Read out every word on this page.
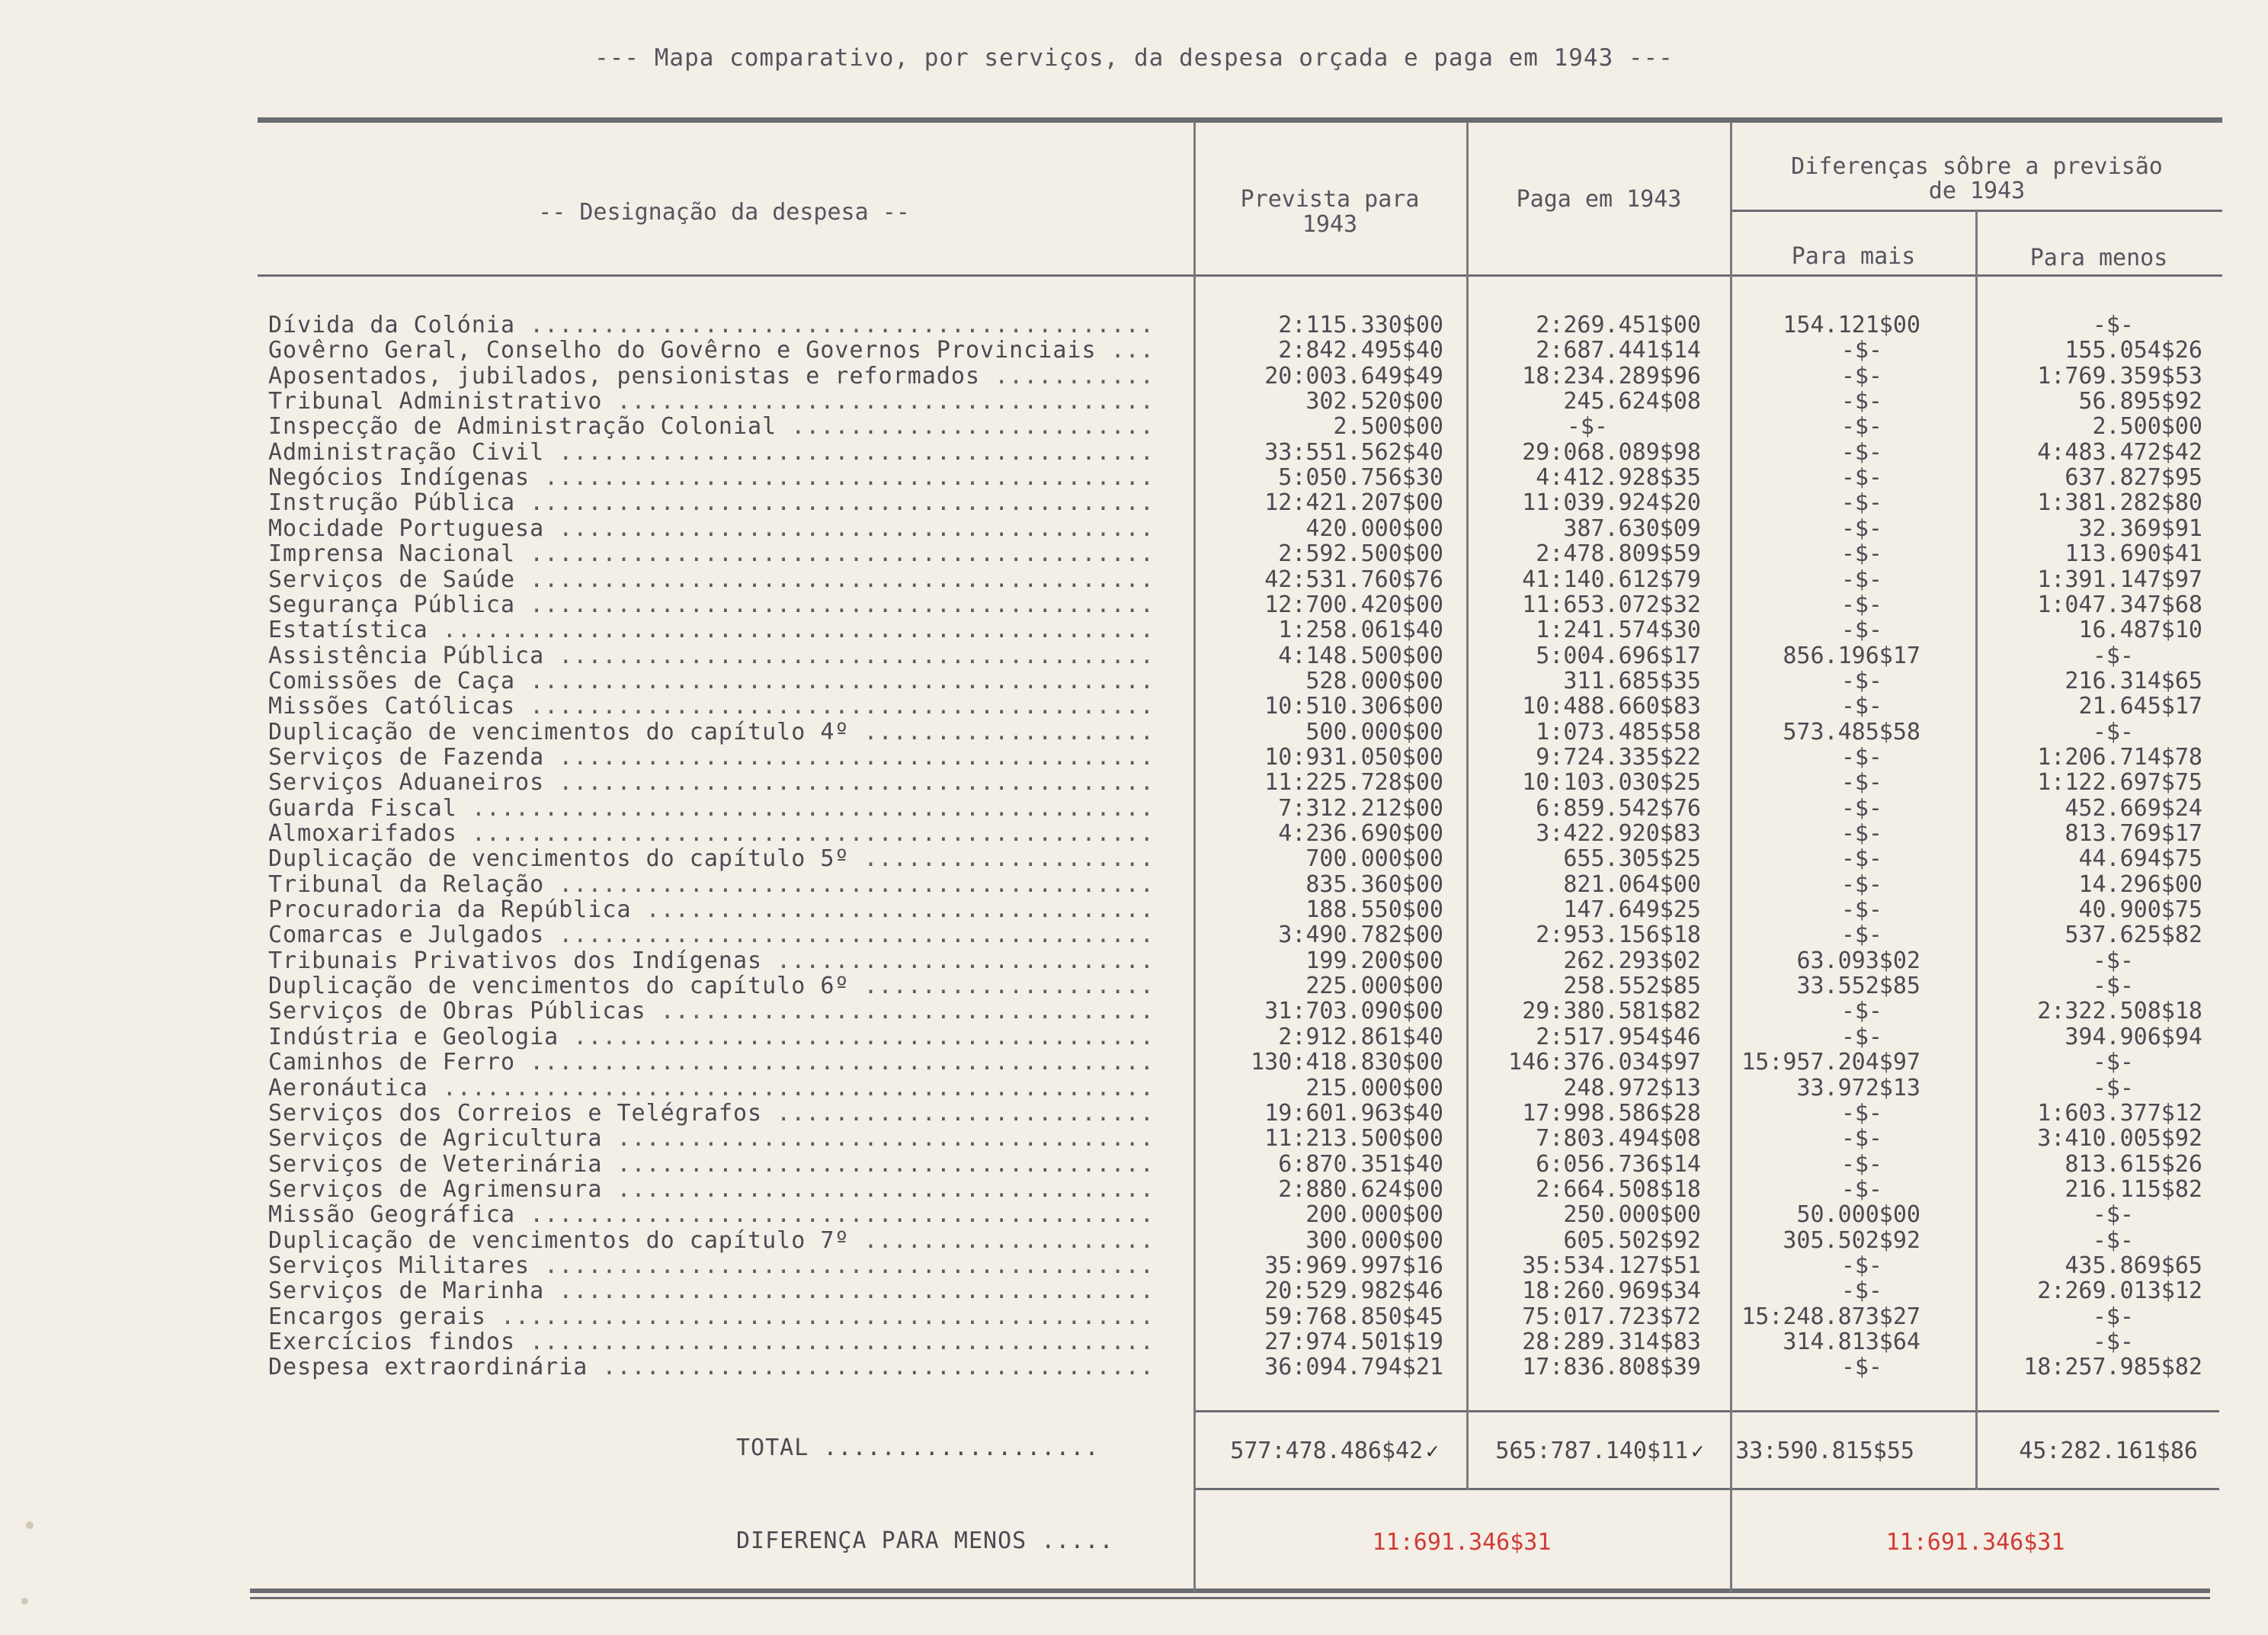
--- Mapa comparativo, por serviços, da despesa orçada e paga em 1943 ---
-- Designação da despesa --	Prevista para
1943
Paga em 1943
Diferenças sôbre a previsão
de 1943
Para mais	Para menos
Dívida da Colónia ...........................................	2:115.330$00	2:269.451$00	154.121$00	-$-
Govêrno Geral, Conselho do Govêrno e Governos Provinciais ...	2:842.495$40	2:687.441$14	-$-	155.054$26
Aposentados, jubilados, pensionistas e reformados ...........	20:003.649$49	18:234.289$96	-$-	1:769.359$53
Tribunal Administrativo .....................................	302.520$00	245.624$08	-$-	56.895$92
Inspecção de Administração Colonial .........................	2.500$00	-$-	-$-	2.500$00
Administração Civil .........................................	33:551.562$40	29:068.089$98	-$-	4:483.472$42
Negócios Indígenas ..........................................	5:050.756$30	4:412.928$35	-$-	637.827$95
Instrução Pública ...........................................	12:421.207$00	11:039.924$20	-$-	1:381.282$80
Mocidade Portuguesa .........................................	420.000$00	387.630$09	-$-	32.369$91
Imprensa Nacional ...........................................	2:592.500$00	2:478.809$59	-$-	113.690$41
Serviços de Saúde ...........................................	42:531.760$76	41:140.612$79	-$-	1:391.147$97
Segurança Pública ...........................................	12:700.420$00	11:653.072$32	-$-	1:047.347$68
Estatística .................................................	1:258.061$40	1:241.574$30	-$-	16.487$10
Assistência Pública .........................................	4:148.500$00	5:004.696$17	856.196$17	-$-
Comissões de Caça ...........................................	528.000$00	311.685$35	-$-	216.314$65
Missões Católicas ...........................................	10:510.306$00	10:488.660$83	-$-	21.645$17
Duplicação de vencimentos do capítulo 4º ....................	500.000$00	1:073.485$58	573.485$58	-$-
Serviços de Fazenda .........................................	10:931.050$00	9:724.335$22	-$-	1:206.714$78
Serviços Aduaneiros .........................................	11:225.728$00	10:103.030$25	-$-	1:122.697$75
Guarda Fiscal ...............................................	7:312.212$00	6:859.542$76	-$-	452.669$24
Almoxarifados ...............................................	4:236.690$00	3:422.920$83	-$-	813.769$17
Duplicação de vencimentos do capítulo 5º ....................	700.000$00	655.305$25	-$-	44.694$75
Tribunal da Relação .........................................	835.360$00	821.064$00	-$-	14.296$00
Procuradoria da República ...................................	188.550$00	147.649$25	-$-	40.900$75
Comarcas e Julgados .........................................	3:490.782$00	2:953.156$18	-$-	537.625$82
Tribunais Privativos dos Indígenas ..........................	199.200$00	262.293$02	63.093$02	-$-
Duplicação de vencimentos do capítulo 6º ....................	225.000$00	258.552$85	33.552$85	-$-
Serviços de Obras Públicas ..................................	31:703.090$00	29:380.581$82	-$-	2:322.508$18
Indústria e Geologia ........................................	2:912.861$40	2:517.954$46	-$-	394.906$94
Caminhos de Ferro ...........................................	130:418.830$00	146:376.034$97 15:957.204$97	-$-
Aeronáutica .................................................	215.000$00	248.972$13	33.972$13	-$-
Serviços dos Correios e Telégrafos ..........................	19:601.963$40	17:998.586$28	-$-	1:603.377$12
Serviços de Agricultura .....................................	11:213.500$00	7:803.494$08	-$-	3:410.005$92
Serviços de Veterinária .....................................	6:870.351$40	6:056.736$14	-$-	813.615$26
Serviços de Agrimensura .....................................	2:880.624$00	2:664.508$18	-$-	216.115$82
Missão Geográfica ...........................................	200.000$00	250.000$00	50.000$00	-$-
Duplicação de vencimentos do capítulo 7º ....................	300.000$00	605.502$92	305.502$92	-$-
Serviços Militares ..........................................	35:969.997$16	35:534.127$51	-$-	435.869$65
Serviços de Marinha .........................................	20:529.982$46	18:260.969$34	-$-	2:269.013$12
Encargos gerais .............................................	59:768.850$45	75:017.723$72 15:248.873$27	-$-
Exercícios findos ...........................................	27:974.501$19	28:289.314$83	314.813$64	-$-
Despesa extraordinária ......................................	36:094.794$21	17:836.808$39	-$-	18:257.985$82
TOTAL ...................	577:478.486$42 ✓ 565:787.140$11 ✓ 33:590.815$55	45:282.161$86
DIFERENÇA PARA MENOS .....	11:691.346$31	11:691.346$31
